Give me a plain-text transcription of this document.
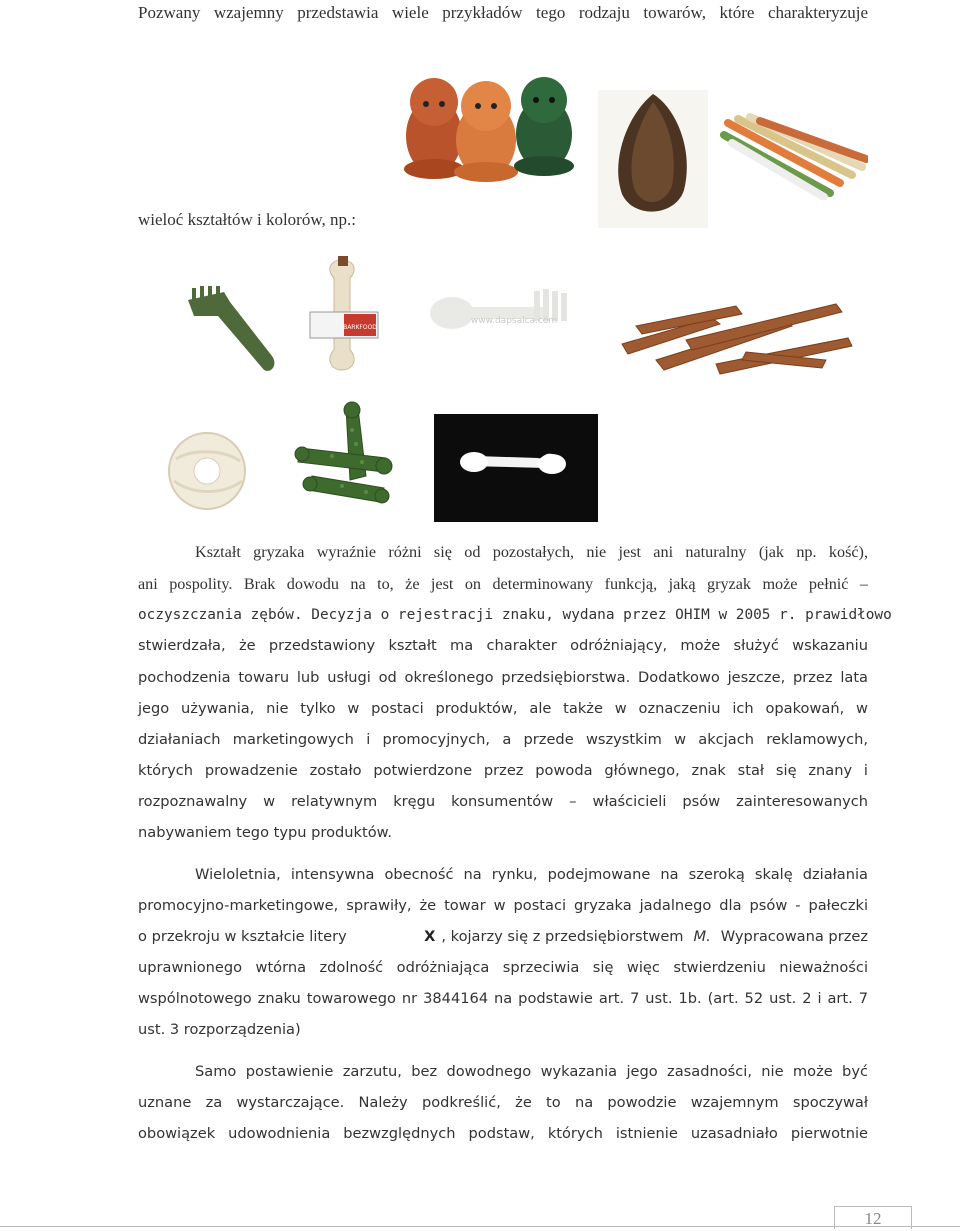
Pozwany wzajemny przedstawia wiele przykładów tego rodzaju towarów, które charakteryzuje
wieloć kształtów i kolorów, np.:
BARKFOOD
www.dapsalca.com
Kształt gryzaka wyraźnie różni się od pozostałych, nie jest ani naturalny (jak np. kość),
ani pospolity. Brak dowodu na to, że jest on determinowany funkcją, jaką gryzak może pełnić –
oczyszczania zębów. Decyzja o rejestracji znaku, wydana przez OHIM w 2005 r. prawidłowo
stwierdzała, że przedstawiony kształt ma charakter odróżniający, może służyć wskazaniu
pochodzenia towaru lub usługi od określonego przedsiębiorstwa. Dodatkowo jeszcze, przez lata
jego używania, nie tylko w postaci produktów, ale także w oznaczeniu ich opakowań, w
działaniach marketingowych i promocyjnych, a przede wszystkim w akcjach reklamowych,
których prowadzenie zostało potwierdzone przez powoda głównego, znak stał się znany i
rozpoznawalny w relatywnym kręgu konsumentów – właścicieli psów zainteresowanych
nabywaniem tego typu produktów.
Wieloletnia, intensywna obecność na rynku, podejmowane na szeroką skalę działania
promocyjno-marketingowe, sprawiły, że towar w postaci gryzaka jadalnego dla psów - pałeczki
o przekroju w kształcie litery	X , kojarzy się z przedsiębiorstwem M. Wypracowana przez
uprawnionego wtórna zdolność odróżniająca sprzeciwia się więc stwierdzeniu nieważności
wspólnotowego znaku towarowego nr 3844164 na podstawie art. 7 ust. 1b. (art. 52 ust. 2 i art. 7
ust. 3 rozporządzenia)
Samo postawienie zarzutu, bez dowodnego wykazania jego zasadności, nie może być
uznane za wystarczające. Należy podkreślić, że to na powodzie wzajemnym spoczywał
obowiązek udowodnienia bezwzględnych podstaw, których istnienie uzasadniało pierwotnie
12
